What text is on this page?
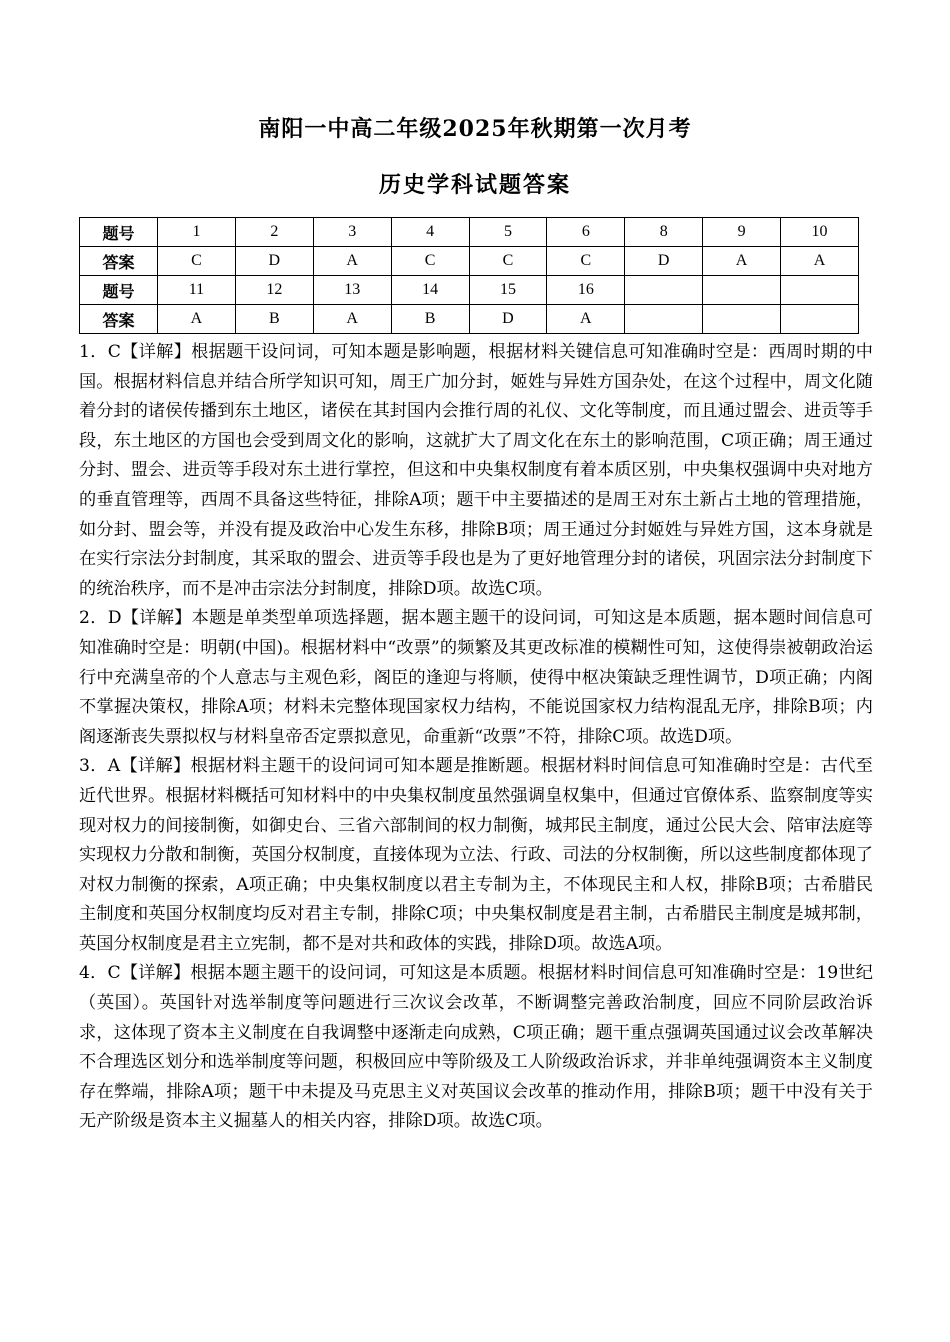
南阳一中高二年级2025年秋期第一次月考
历史学科试题答案
题号	1	2	3	4	5	6	8	9	10
答案	C	D	A	C	C	C	D	A	A
题号	11	12	13	14	15	16			
答案	A	B	A	B	D	A			

1．C【详解】根据题干设问词，可知本题是影响题，根据材料关键信息可知准确时空是：西周时期的中国。根据材料信息并结合所学知识可知，周王广加分封，姬姓与异姓方国杂处，在这个过程中，周文化随着分封的诸侯传播到东土地区，诸侯在其封国内会推行周的礼仪、文化等制度，而且通过盟会、进贡等手段，东土地区的方国也会受到周文化的影响，这就扩大了周文化在东土的影响范围，C项正确；周王通过分封、盟会、进贡等手段对东土进行掌控，但这和中央集权制度有着本质区别，中央集权强调中央对地方的垂直管理等，西周不具备这些特征，排除A项；题干中主要描述的是周王对东土新占土地的管理措施，如分封、盟会等，并没有提及政治中心发生东移，排除B项；周王通过分封姬姓与异姓方国，这本身就是在实行宗法分封制度，其采取的盟会、进贡等手段也是为了更好地管理分封的诸侯，巩固宗法分封制度下的统治秩序，而不是冲击宗法分封制度，排除D项。故选C项。

2．D【详解】本题是单类型单项选择题，据本题主题干的设问词，可知这是本质题，据本题时间信息可知准确时空是：明朝(中国)。根据材料中“改票”的频繁及其更改标准的模糊性可知，这使得崇被朝政治运行中充满皇帝的个人意志与主观色彩，阁臣的逢迎与将顺，使得中枢决策缺乏理性调节，D项正确；内阁不掌握决策权，排除A项；材料未完整体现国家权力结构，不能说国家权力结构混乱无序，排除B项；内阁逐渐丧失票拟权与材料皇帝否定票拟意见，命重新“改票”不符，排除C项。故选D项。

3．A【详解】根据材料主题干的设问词可知本题是推断题。根据材料时间信息可知准确时空是：古代至近代世界。根据材料概括可知材料中的中央集权制度虽然强调皇权集中，但通过官僚体系、监察制度等实现对权力的间接制衡，如御史台、三省六部制间的权力制衡，城邦民主制度，通过公民大会、陪审法庭等实现权力分散和制衡，英国分权制度，直接体现为立法、行政、司法的分权制衡，所以这些制度都体现了对权力制衡的探索，A项正确；中央集权制度以君主专制为主，不体现民主和人权，排除B项；古希腊民主制度和英国分权制度均反对君主专制，排除C项；中央集权制度是君主制，古希腊民主制度是城邦制，英国分权制度是君主立宪制，都不是对共和政体的实践，排除D项。故选A项。

4．C【详解】根据本题主题干的设问词，可知这是本质题。根据材料时间信息可知准确时空是：19世纪（英国）。英国针对选举制度等问题进行三次议会改革，不断调整完善政治制度，回应不同阶层政治诉求，这体现了资本主义制度在自我调整中逐渐走向成熟，C项正确；题干重点强调英国通过议会改革解决不合理选区划分和选举制度等问题，积极回应中等阶级及工人阶级政治诉求，并非单纯强调资本主义制度存在弊端，排除A项；题干中未提及马克思主义对英国议会改革的推动作用，排除B项；题干中没有关于无产阶级是资本主义掘墓人的相关内容，排除D项。故选C项。
